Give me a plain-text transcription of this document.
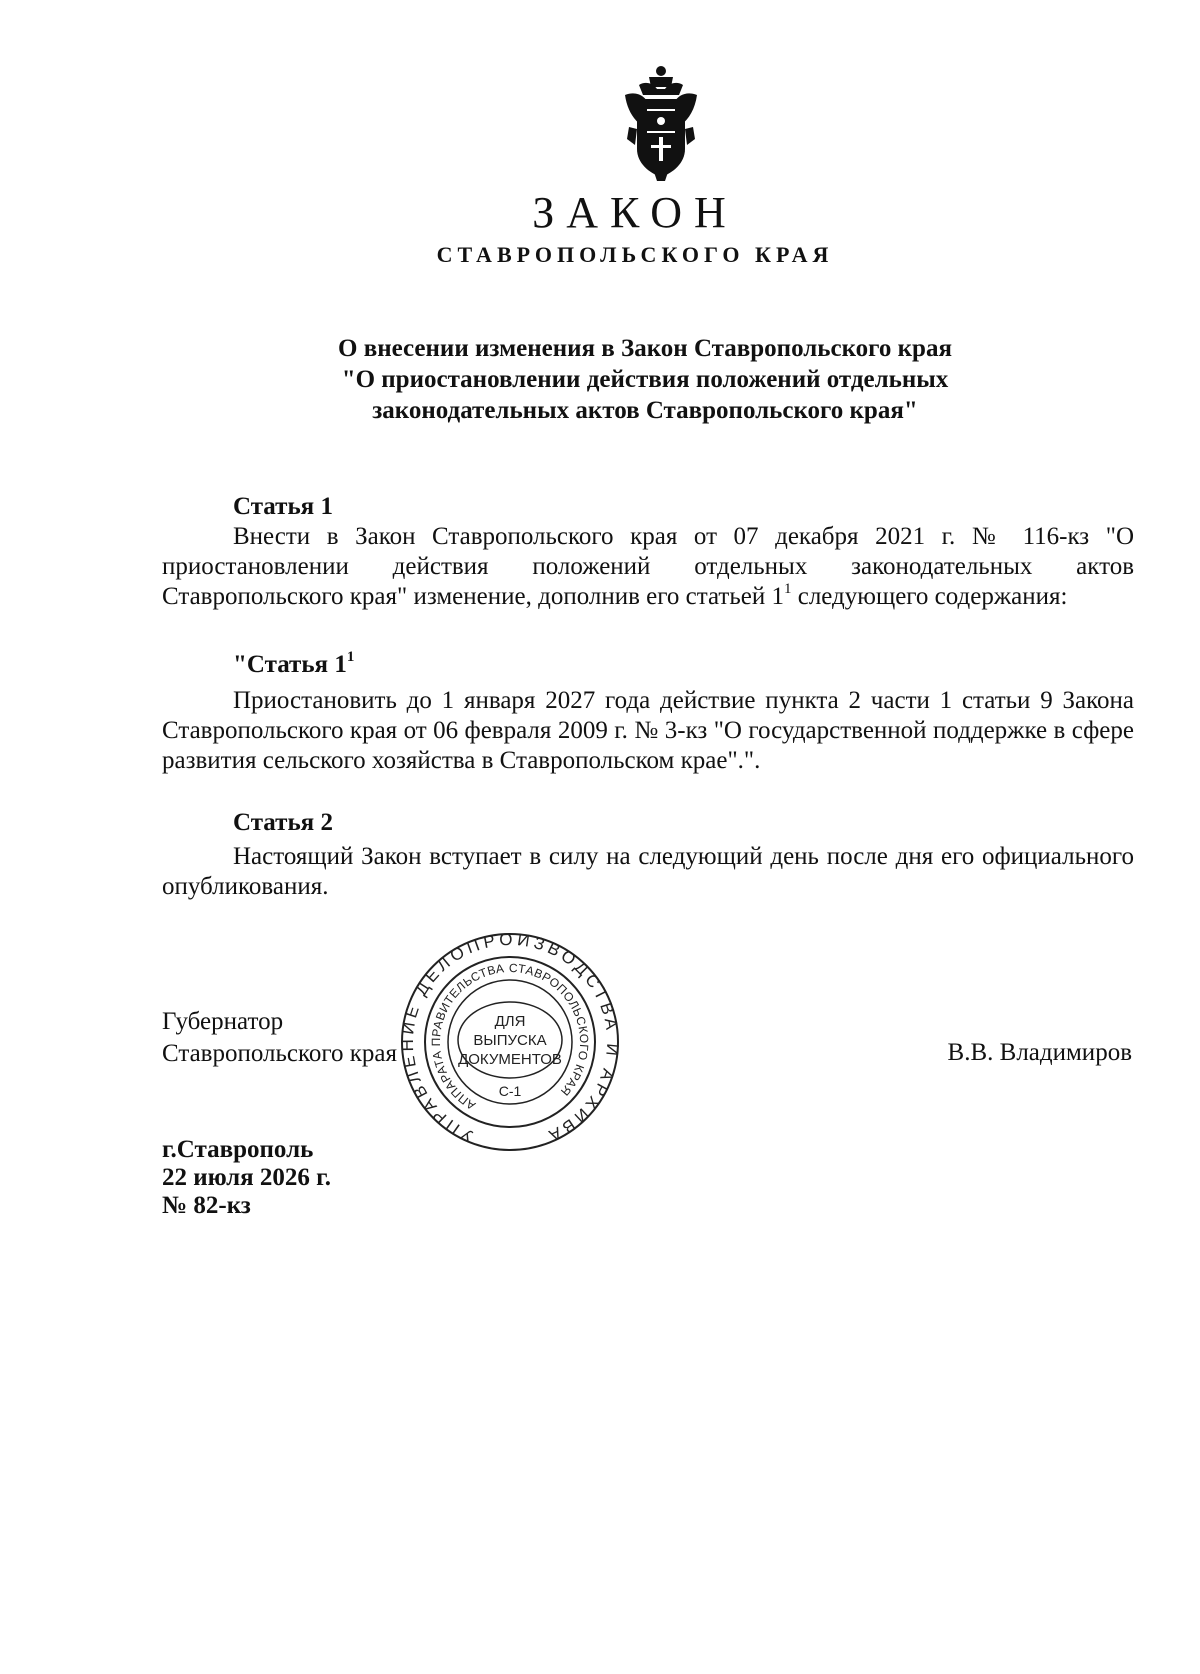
ЗАКОН
СТАВРОПОЛЬСКОГО КРАЯ
О внесении изменения в Закон Ставропольского края
"О приостановлении действия положений отдельных
законодательных актов Ставропольского края"
Статья 1
Внести в Закон Ставропольского края от 07 декабря 2021 г. № 116-кз "О приостановлении действия положений отдельных законодательных актов Ставропольского края" изменение, дополнив его статьей $1^1$ следующего содержания:
"Статья $1^1$
Приостановить до 1 января 2027 года действие пункта 2 части 1 статьи 9 Закона Ставропольского края от 06 февраля 2009 г. № 3-кз "О государственной поддержке в сфере развития сельского хозяйства в Ставропольском крае".".
Статья 2
Настоящий Закон вступает в силу на следующий день после дня его официального опубликования.
Губернатор
Ставропольского края	В.В. Владимиров
г.Ставрополь
22 июля 2026 г.
№ 82-кз
УПРАВЛЕНИЕ ДЕЛОПРОИЗВОДСТВА И АРХИВА
АППАРАТА ПРАВИТЕЛЬСТВА СТАВРОПОЛЬСКОГО КРАЯ
ДЛЯ
ВЫПУСКА
ДОКУМЕНТОВ
С-1
